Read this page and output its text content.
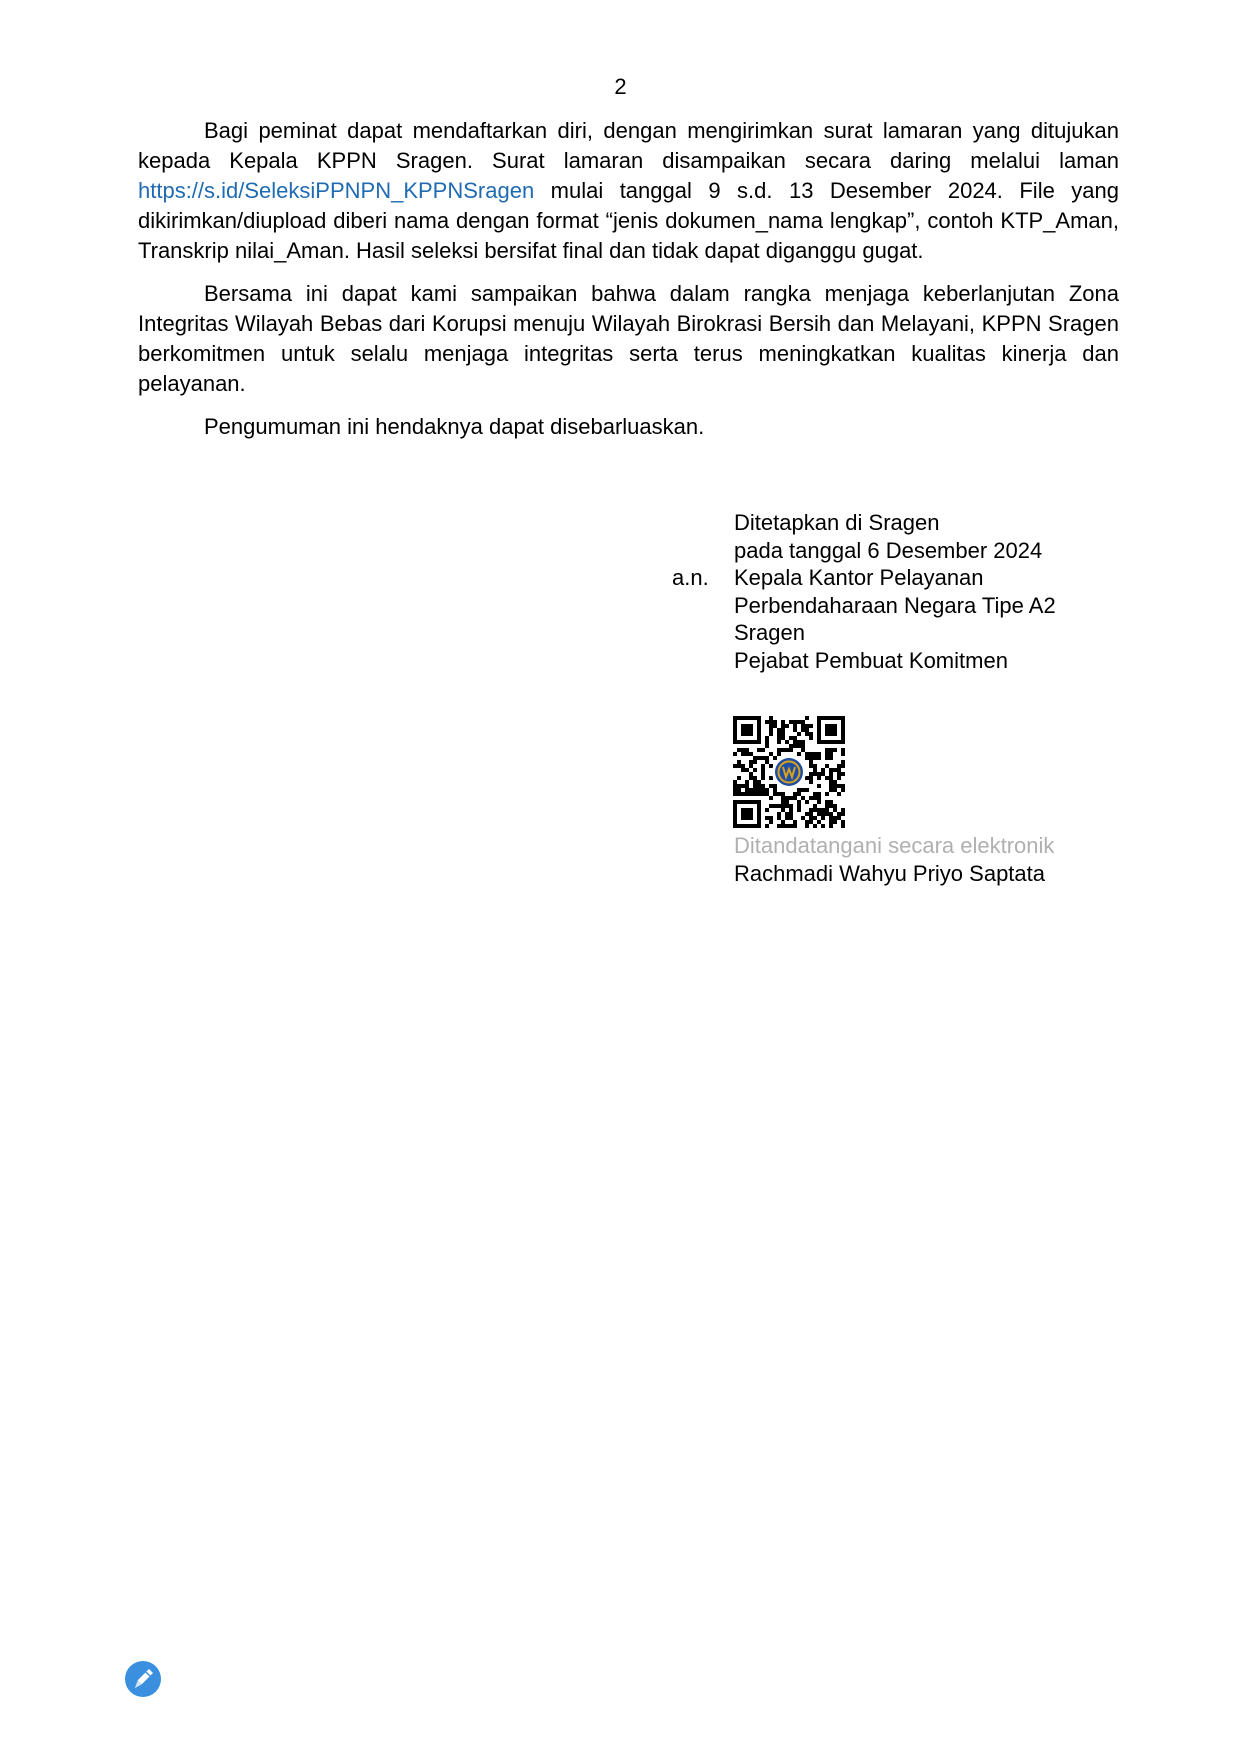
2

Bagi peminat dapat mendaftarkan diri, dengan mengirimkan surat lamaran yang ditujukan kepada Kepala KPPN Sragen. Surat lamaran disampaikan secara daring melalui laman https://s.id/SeleksiPPNPN_KPPNSragen mulai tanggal 9 s.d. 13 Desember 2024. File yang dikirimkan/diupload diberi nama dengan format “jenis dokumen_nama lengkap”, contoh KTP_Aman, Transkrip nilai_Aman. Hasil seleksi bersifat final dan tidak dapat diganggu gugat.

Bersama ini dapat kami sampaikan bahwa dalam rangka menjaga keberlanjutan Zona Integritas Wilayah Bebas dari Korupsi menuju Wilayah Birokrasi Bersih dan Melayani, KPPN Sragen berkomitmen untuk selalu menjaga integritas serta terus meningkatkan kualitas kinerja dan pelayanan.

Pengumuman ini hendaknya dapat disebarluaskan.

Ditetapkan di Sragen
pada tanggal 6 Desember 2024
a.n.	Kepala Kantor Pelayanan
Perbendaharaan Negara Tipe A2
Sragen
Pejabat Pembuat Komitmen
Ditandatangani secara elektronik
Rachmadi Wahyu Priyo Saptata
